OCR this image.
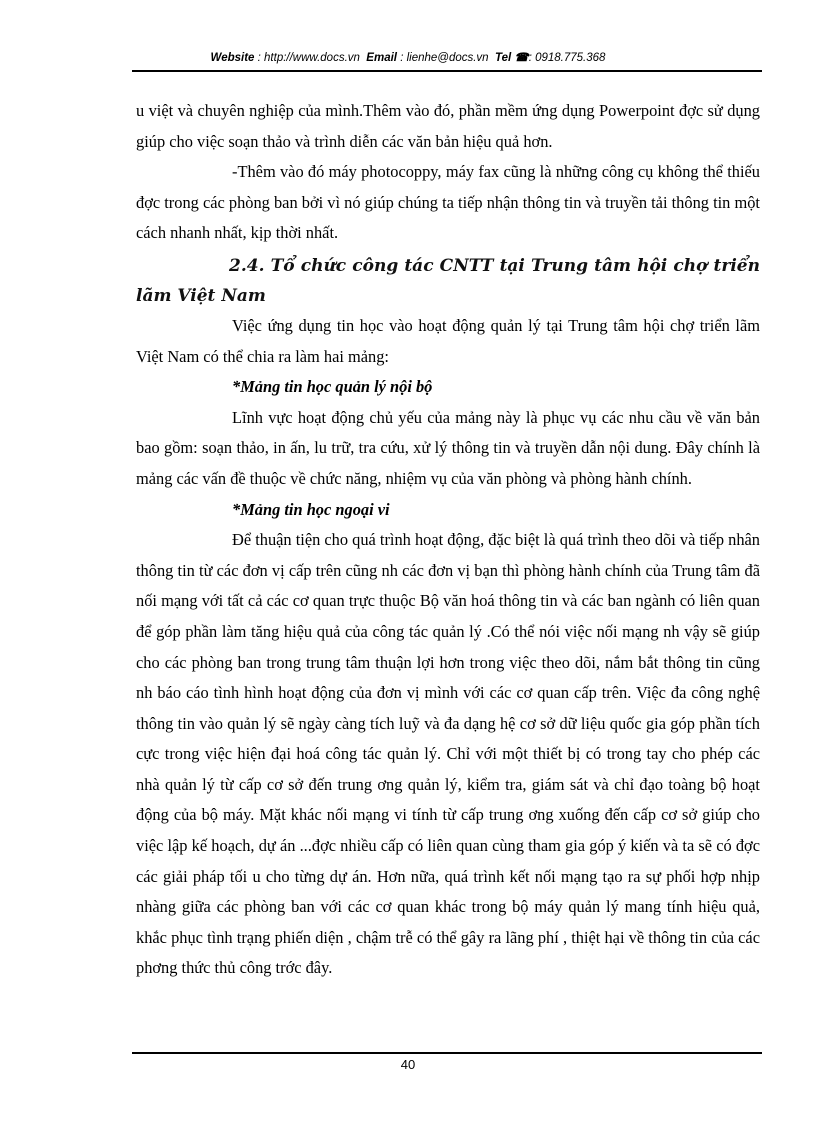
Website : http://www.docs.vn Email : lienhe@docs.vn Tel ☎: 0918.775.368

u việt và chuyên nghiệp của mình.Thêm vào đó, phần mềm ứng dụng Powerpoint đợc sử dụng giúp cho việc soạn thảo và trình diễn các văn bản hiệu quả hơn.

-Thêm vào đó máy photocoppy, máy fax cũng là những công cụ không thể thiếu đợc trong các phòng ban bởi vì nó giúp chúng ta tiếp nhận thông tin và truyền tải thông tin một cách nhanh nhất, kịp thời nhất.

2.4. Tổ chức công tác CNTT tại Trung tâm hội chợ triển lãm Việt Nam

Việc ứng dụng tin học vào hoạt động quản lý tại Trung tâm hội chợ triển lãm Việt Nam có thể chia ra làm hai mảng:

*Mảng tin học quản lý nội bộ

Lĩnh vực hoạt động chủ yếu của mảng này là phục vụ các nhu cầu về văn bản bao gồm: soạn thảo, in ấn, lu trữ, tra cứu, xử lý thông tin và truyền dẫn nội dung. Đây chính là mảng các vấn đề thuộc về chức năng, nhiệm vụ của văn phòng và phòng hành chính.

*Mảng tin học ngoại vi

Để thuận tiện cho quá trình hoạt động, đặc biệt là quá trình theo dõi và tiếp nhân thông tin từ các đơn vị cấp trên cũng nh các đơn vị bạn thì phòng hành chính của Trung tâm đã nối mạng với tất cả các cơ quan trực thuộc Bộ văn hoá thông tin và các ban ngành có liên quan để góp phần làm tăng hiệu quả của công tác quản lý .Có thể nói việc nối mạng nh vậy sẽ giúp cho các phòng ban trong trung tâm thuận lợi hơn trong việc theo dõi, nắm bắt thông tin cũng nh báo cáo tình hình hoạt động của đơn vị mình với các cơ quan cấp trên. Việc đa công nghệ thông tin vào quản lý sẽ ngày càng tích luỹ và đa dạng hệ cơ sở dữ liệu quốc gia góp phần tích cực trong việc hiện đại hoá công tác quản lý. Chỉ với một thiết bị có trong tay cho phép các nhà quản lý từ cấp cơ sở đến trung ơng quản lý, kiểm tra, giám sát và chỉ đạo toàng bộ hoạt động của bộ máy. Mặt khác nối mạng vi tính từ cấp trung ơng xuống đến cấp cơ sở giúp cho việc lập kế hoạch, dự án ...đợc nhiều cấp có liên quan cùng tham gia góp ý kiến và ta sẽ có đợc các giải pháp tối u cho từng dự án. Hơn nữa, quá trình kết nối mạng tạo ra sự phối hợp nhịp nhàng giữa các phòng ban với các cơ quan khác trong bộ máy quản lý mang tính hiệu quả, khắc phục tình trạng phiến diện , chậm trễ có thể gây ra lãng phí , thiệt hại về thông tin của các phơng thức thủ công trớc đây.

40
